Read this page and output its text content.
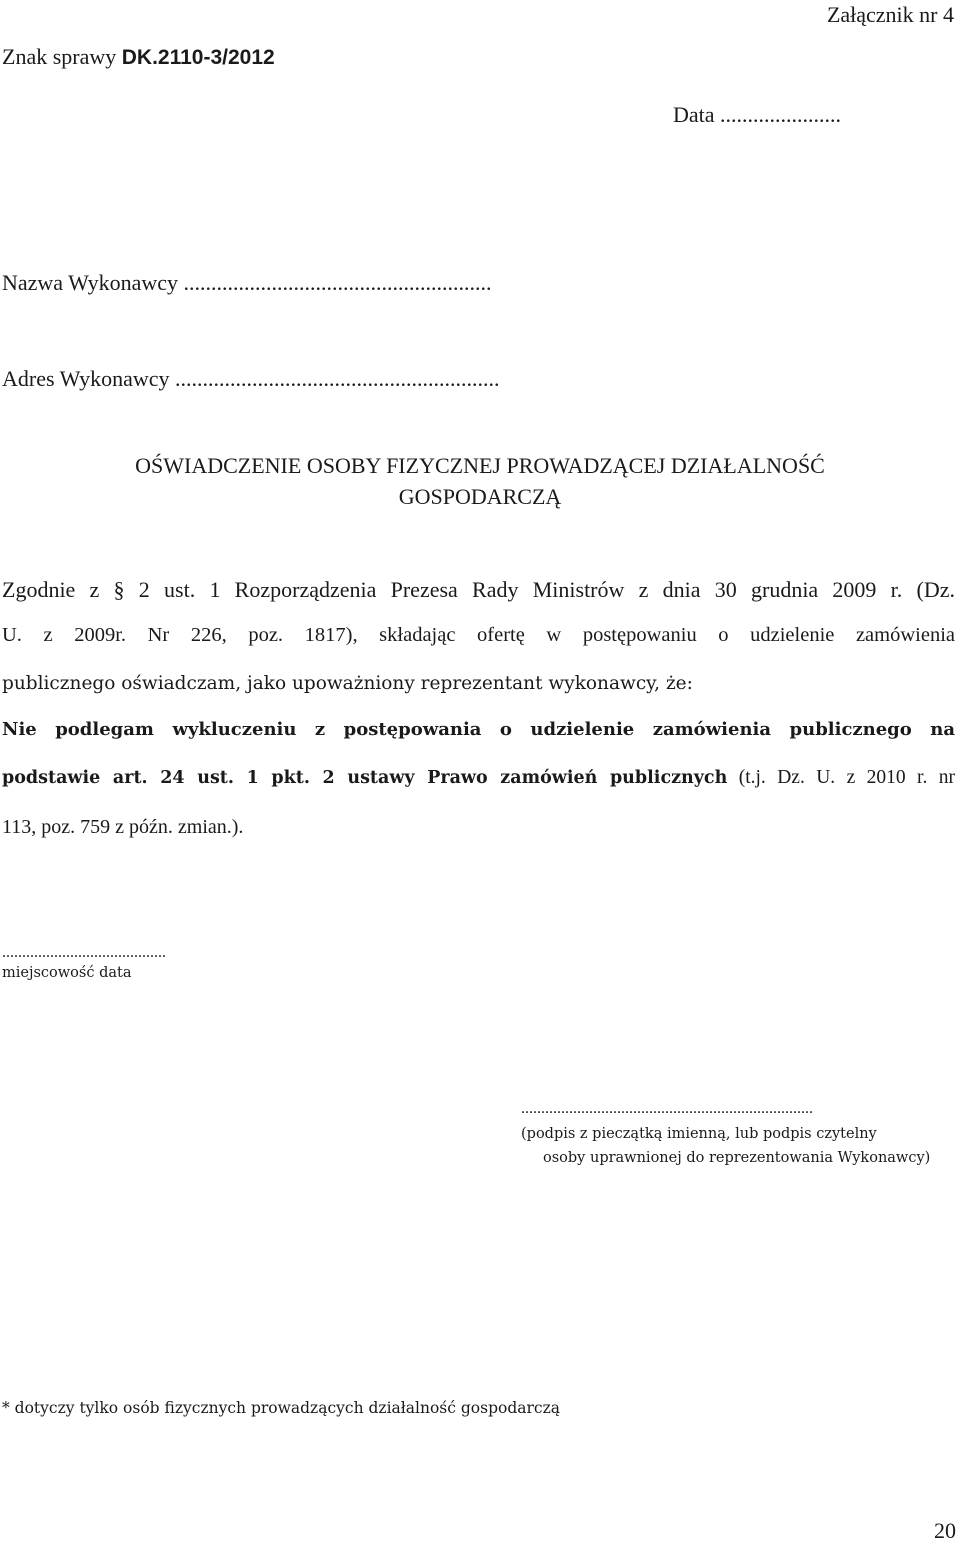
Załącznik nr 4
Znak sprawy DK.2110-3/2012
Data ......................
Nazwa Wykonawcy ........................................................
Adres Wykonawcy ...........................................................
OŚWIADCZENIE OSOBY FIZYCZNEJ PROWADZĄCEJ DZIAŁALNOŚĆ
GOSPODARCZĄ
Zgodnie z § 2 ust. 1 Rozporządzenia Prezesa Rady Ministrów z dnia 30 grudnia 2009 r. (Dz.
U. z 2009r. Nr 226, poz. 1817), składając ofertę w postępowaniu o udzielenie zamówienia
publicznego oświadczam, jako upoważniony reprezentant wykonawcy, że:
Nie podlegam wykluczeniu z postępowania o udzielenie zamówienia publicznego na
podstawie art. 24 ust. 1 pkt. 2 ustawy Prawo zamówień publicznych (t.j. Dz. U. z 2010 r. nr
113, poz. 759 z późn. zmian.).
.........................................
miejscowość data
.........................................................................
(podpis z pieczątką imienną, lub podpis czytelny
osoby uprawnionej do reprezentowania Wykonawcy)
* dotyczy tylko osób fizycznych prowadzących działalność gospodarczą
20
